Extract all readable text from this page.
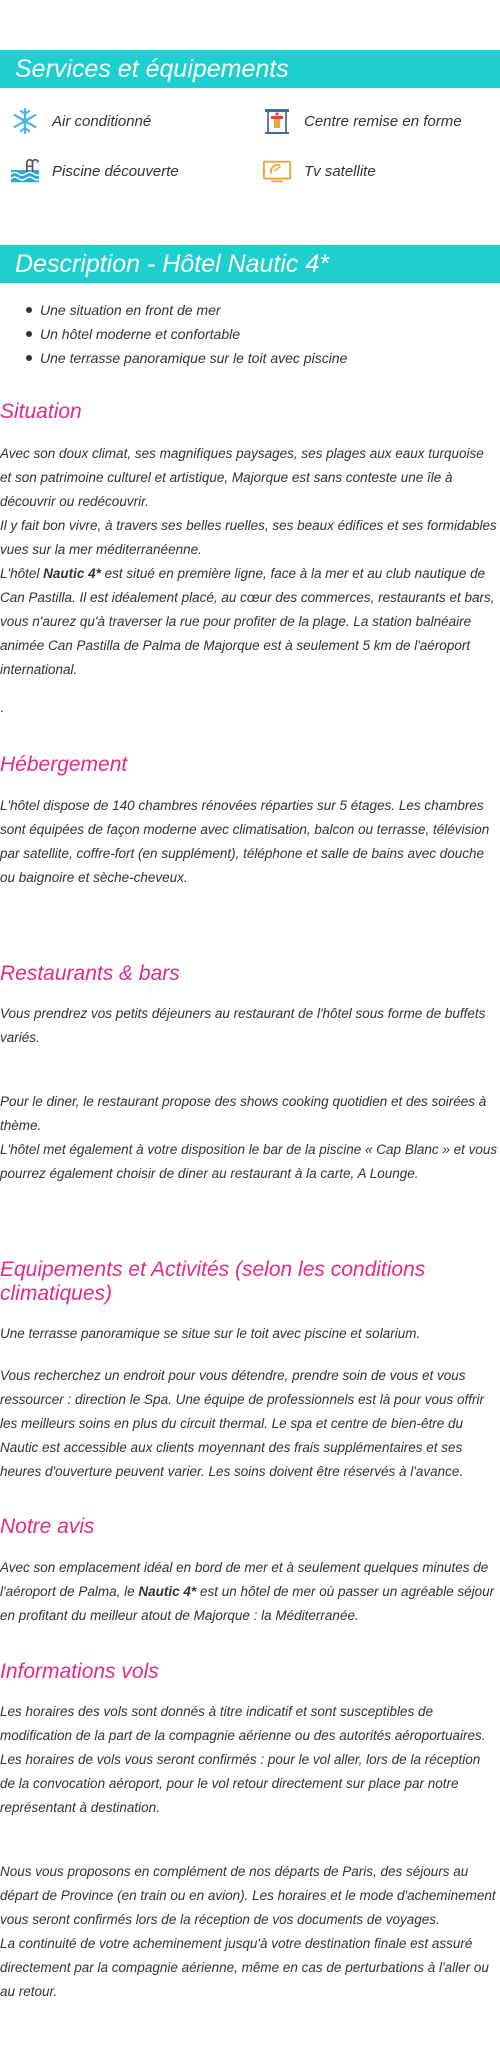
Services et équipements
Air conditionné	Centre remise en forme
Piscine découverte	Tv satellite
Description - Hôtel Nautic 4*
Une situation en front de mer
Un hôtel moderne et confortable
Une terrasse panoramique sur le toit avec piscine
Situation
Avec son doux climat, ses magnifiques paysages, ses plages aux eaux turquoise et son patrimoine culturel et artistique, Majorque est sans conteste une île à découvrir ou redécouvrir.
Il y fait bon vivre, à travers ses belles ruelles, ses beaux édifices et ses formidables vues sur la mer méditerranéenne.
L'hôtel Nautic 4* est situé en première ligne, face à la mer et au club nautique de Can Pastilla. Il est idéalement placé, au cœur des commerces, restaurants et bars, vous n'aurez qu'à traverser la rue pour profiter de la plage. La station balnéaire animée Can Pastilla de Palma de Majorque est à seulement 5 km de l'aéroport international.
.
Hébergement
L'hôtel dispose de 140 chambres rénovées réparties sur 5 étages. Les chambres sont équipées de façon moderne avec climatisation, balcon ou terrasse, télévision par satellite, coffre-fort (en supplément), téléphone et salle de bains avec douche ou baignoire et sèche-cheveux.
Restaurants & bars
Vous prendrez vos petits déjeuners au restaurant de l'hôtel sous forme de buffets variés.
Pour le diner, le restaurant propose des shows cooking quotidien et des soirées à thème.
L'hôtel met également à votre disposition le bar de la piscine « Cap Blanc » et vous pourrez également choisir de diner au restaurant à la carte, A Lounge.
Equipements et Activités (selon les conditions climatiques)
Une terrasse panoramique se situe sur le toit avec piscine et solarium.
Vous recherchez un endroit pour vous détendre, prendre soin de vous et vous ressourcer : direction le Spa. Une équipe de professionnels est là pour vous offrir les meilleurs soins en plus du circuit thermal. Le spa et centre de bien-être du Nautic est accessible aux clients moyennant des frais supplémentaires et ses heures d'ouverture peuvent varier. Les soins doivent être réservés à l'avance.
Notre avis
Avec son emplacement idéal en bord de mer et à seulement quelques minutes de l'aéroport de Palma, le Nautic 4* est un hôtel de mer où passer un agréable séjour en profitant du meilleur atout de Majorque : la Méditerranée.
Informations vols
Les horaires des vols sont donnés à titre indicatif et sont susceptibles de modification de la part de la compagnie aérienne ou des autorités aéroportuaires.
Les horaires de vols vous seront confirmés : pour le vol aller, lors de la réception de la convocation aéroport, pour le vol retour directement sur place par notre représentant à destination.
Nous vous proposons en complément de nos départs de Paris, des séjours au départ de Province (en train ou en avion). Les horaires et le mode d'acheminement vous seront confirmés lors de la réception de vos documents de voyages.
La continuité de votre acheminement jusqu'à votre destination finale est assuré directement par la compagnie aérienne, même en cas de perturbations à l'aller ou au retour.
